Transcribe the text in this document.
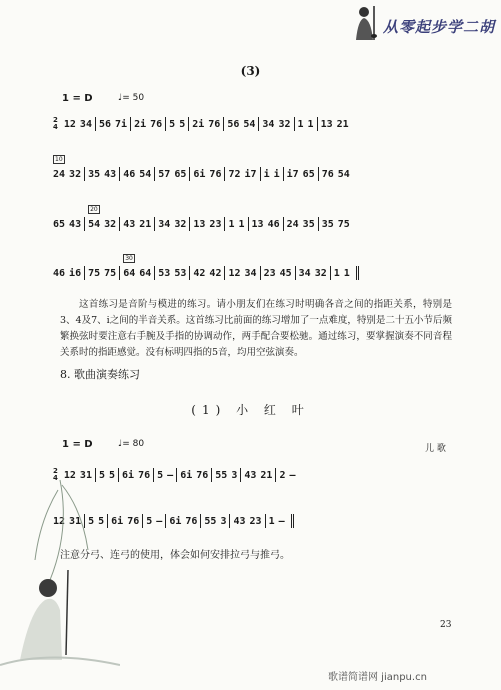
从零起步学二胡
(3)
1 = D	♩= 50
2
4 12 34 56 7i 2i 76 5 5 2i 76 56 54 34 32 1 1 13 21
10
24 32 35 43 46 54 57 65 6i 76 72 i7 i i i7 65 76 54
65 43
20
54 32 43 21 34 32 13 23 1 1 13 46 24 35 35 75
46 i6 75 75
30
64 64 53 53 42 42 12 34 23 45 34 32 1 1
这首练习是音阶与模进的练习。请小朋友们在练习时明确各音之间的指距关系，特别是3、4及7、i之间的半音关系。这首练习比前面的练习增加了一点难度，特别是二十五小节后频繁换弦时要注意右手腕及手指的协调动作，两手配合要松驰。通过练习，要掌握演奏不同音程关系时的指距感觉。没有标明四指的5音，均用空弦演奏。
8. 歌曲演奏练习
(1) 小 红 叶
1 = D	♩= 80	儿 歌
2
4 12 31 5 5 6i 76 5 – 6i 76 55 3 43 21 2 –
12 31 5 5 6i 76 5 – 6i 76 55 3 43 23 1 –
注意分弓、连弓的使用，体会如何安排拉弓与推弓。
23
歌谱简谱网 jianpu.cn
